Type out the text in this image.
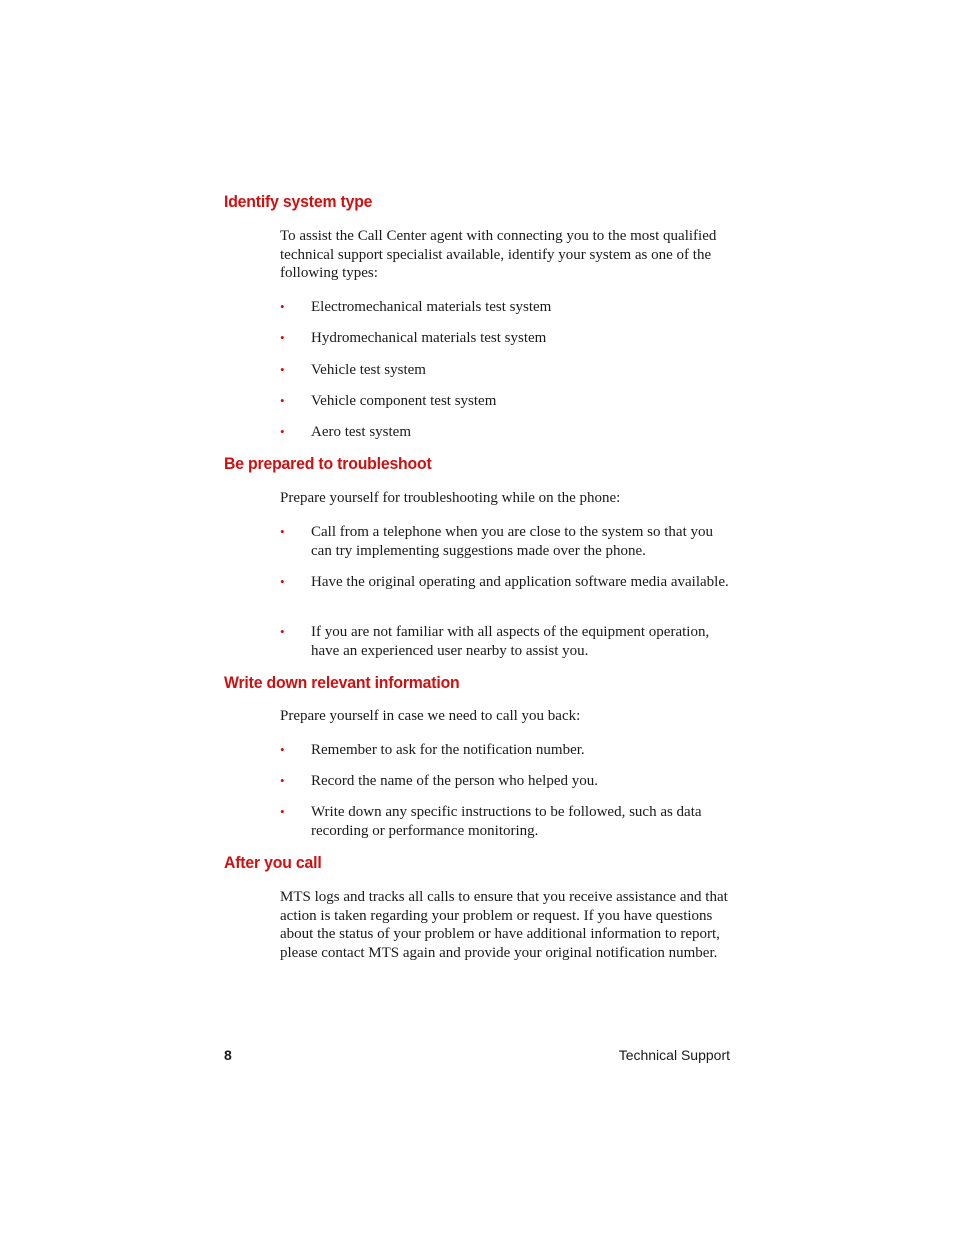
Identify system type

To assist the Call Center agent with connecting you to the most qualified technical support specialist available, identify your system as one of the following types:

• Electromechanical materials test system
• Hydromechanical materials test system
• Vehicle test system
• Vehicle component test system
• Aero test system
Be prepared to troubleshoot

Prepare yourself for troubleshooting while on the phone:

• Call from a telephone when you are close to the system so that you can try implementing suggestions made over the phone.
• Have the original operating and application software media available.
• If you are not familiar with all aspects of the equipment operation, have an experienced user nearby to assist you.
Write down relevant information

Prepare yourself in case we need to call you back:

• Remember to ask for the notification number.
• Record the name of the person who helped you.
• Write down any specific instructions to be followed, such as data recording or performance monitoring.
After you call

MTS logs and tracks all calls to ensure that you receive assistance and that action is taken regarding your problem or request. If you have questions about the status of your problem or have additional information to report, please contact MTS again and provide your original notification number.

8	Technical Support
